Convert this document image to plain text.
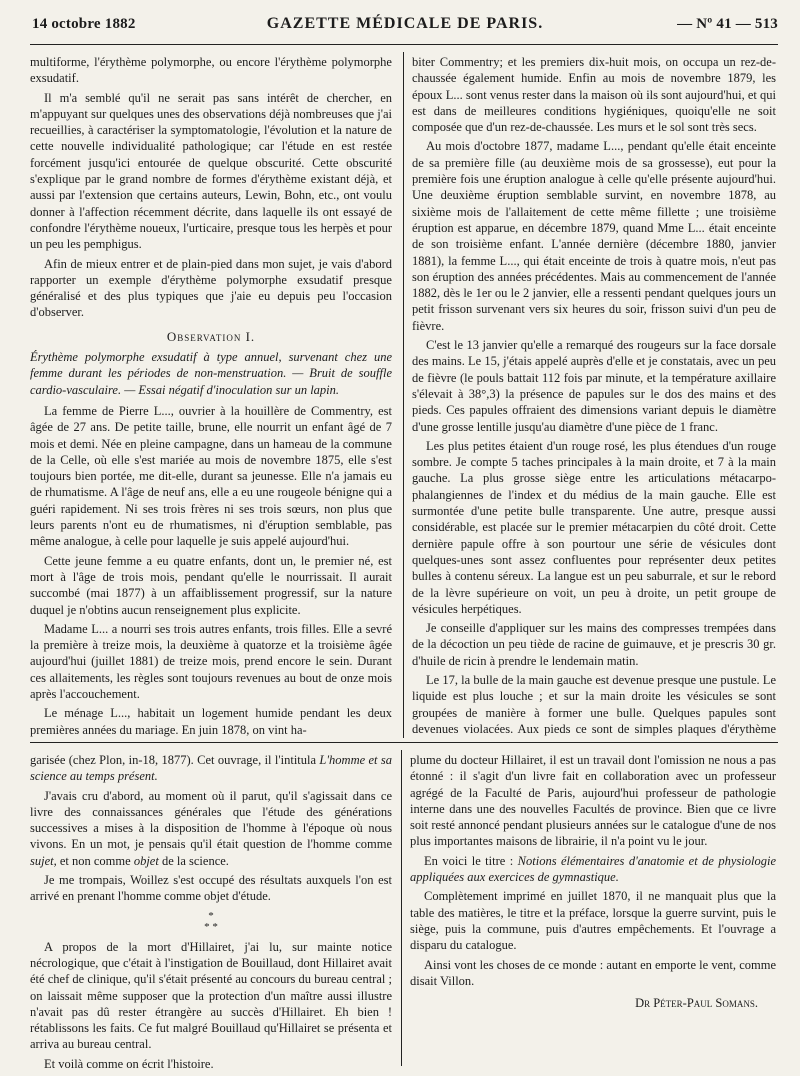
14 octobre 1882	GAZETTE MÉDICALE DE PARIS.	— Nº 41 — 513

multiforme, l'érythème polymorphe, ou encore l'érythème polymorphe exsudatif.

Il m'a semblé qu'il ne serait pas sans intérêt de chercher, en m'appuyant sur quelques unes des observations déjà nombreuses que j'ai recueillies, à caractériser la symptomatologie, l'évolution et la nature de cette nouvelle individualité pathologique; car l'étude en est restée forcément jusqu'ici entourée de quelque obscurité. Cette obscurité s'explique par le grand nombre de formes d'érythème existant déjà, et aussi par l'extension que certains auteurs, Lewin, Bohn, etc., ont voulu donner à l'affection récemment décrite, dans laquelle ils ont essayé de confondre l'érythème noueux, l'urticaire, presque tous les herpès et pour un peu les pemphigus.

Afin de mieux entrer et de plain-pied dans mon sujet, je vais d'abord rapporter un exemple d'érythème polymorphe exsudatif presque généralisé et des plus typiques que j'aie eu depuis peu l'occasion d'observer.

Observation I.
Érythème polymorphe exsudatif à type annuel, survenant chez une femme durant les périodes de non-menstruation. — Bruit de souffle cardio-vasculaire. — Essai négatif d'inoculation sur un lapin.

La femme de Pierre L..., ouvrier à la houillère de Commentry, est âgée de 27 ans. De petite taille, brune, elle nourrit un enfant âgé de 7 mois et demi. Née en pleine campagne, dans un hameau de la commune de la Celle, où elle s'est mariée au mois de novembre 1875, elle s'est toujours bien portée, me dit-elle, durant sa jeunesse. Elle n'a jamais eu de rhumatisme. A l'âge de neuf ans, elle a eu une rougeole bénigne qui a guéri rapidement. Ni ses trois frères ni ses trois sœurs, non plus que leurs parents n'ont eu de rhumatismes, ni d'éruption semblable, pas même analogue, à celle pour laquelle je suis appelé aujourd'hui.

Cette jeune femme a eu quatre enfants, dont un, le premier né, est mort à l'âge de trois mois, pendant qu'elle le nourrissait. Il aurait succombé (mai 1877) à un affaiblissement progressif, sur la nature duquel je n'obtins aucun renseignement plus explicite.

Madame L... a nourri ses trois autres enfants, trois filles. Elle a sevré la première à treize mois, la deuxième à quatorze et la troisième âgée aujourd'hui (juillet 1881) de treize mois, prend encore le sein. Durant ces allaitements, les règles sont toujours revenues au bout de onze mois après l'accouchement.

Le ménage L..., habitait un logement humide pendant les deux premières années du mariage. En juin 1878, on vint ha-

biter Commentry; et les premiers dix-huit mois, on occupa un rez-de-chaussée également humide. Enfin au mois de novembre 1879, les époux L... sont venus rester dans la maison où ils sont aujourd'hui, et qui est dans de meilleures conditions hygiéniques, quoiqu'elle ne soit composée que d'un rez-de-chaussée. Les murs et le sol sont très secs.

Au mois d'octobre 1877, madame L..., pendant qu'elle était enceinte de sa première fille (au deuxième mois de sa grossesse), eut pour la première fois une éruption analogue à celle qu'elle présente aujourd'hui. Une deuxième éruption semblable survint, en novembre 1878, au sixième mois de l'allaitement de cette même fillette ; une troisième éruption est apparue, en décembre 1879, quand Mme L... était enceinte de son troisième enfant. L'année dernière (décembre 1880, janvier 1881), la femme L..., qui était enceinte de trois à quatre mois, n'eut pas son éruption des années précédentes. Mais au commencement de l'année 1882, dès le 1er ou le 2 janvier, elle a ressenti pendant quelques jours un petit frisson survenant vers six heures du soir, frisson suivi d'un peu de fièvre.

C'est le 13 janvier qu'elle a remarqué des rougeurs sur la face dorsale des mains. Le 15, j'étais appelé auprès d'elle et je constatais, avec un peu de fièvre (le pouls battait 112 fois par minute, et la température axillaire s'élevait à 38°,3) la présence de papules sur le dos des mains et des pieds. Ces papules offraient des dimensions variant depuis le diamètre d'une grosse lentille jusqu'au diamètre d'une pièce de 1 franc.

Les plus petites étaient d'un rouge rosé, les plus étendues d'un rouge sombre. Je compte 5 taches principales à la main droite, et 7 à la main gauche. La plus grosse siège entre les articulations métacarpo-phalangiennes de l'index et du médius de la main gauche. Elle est surmontée d'une petite bulle transparente. Une autre, presque aussi considérable, est placée sur le premier métacarpien du côté droit. Cette dernière papule offre à son pourtour une série de vésicules dont quelques-unes sont assez confluentes pour représenter deux petites bulles à contenu séreux. La langue est un peu saburrale, et sur le rebord de la lèvre supérieure on voit, un peu à droite, un petit groupe de vésicules herpétiques.

Je conseille d'appliquer sur les mains des compresses trempées dans de la décoction un peu tiède de racine de guimauve, et je prescris 30 gr. d'huile de ricin à prendre le lendemain matin.

Le 17, la bulle de la main gauche est devenue presque une pustule. Le liquide est plus louche ; et sur la main droite les vésicules se sont groupées de manière à former une bulle. Quelques papules sont devenues violacées. Aux pieds ce sont de simples plaques d'érythème

garisée (chez Plon, in-18, 1877). Cet ouvrage, il l'intitula L'homme et sa science au temps présent.

J'avais cru d'abord, au moment où il parut, qu'il s'agissait dans ce livre des connaissances générales que l'étude des générations successives a mises à la disposition de l'homme à l'époque où nous vivons. En un mot, je pensais qu'il était question de l'homme comme sujet, et non comme objet de la science.

Je me trompais, Woillez s'est occupé des résultats auxquels l'on est arrivé en prenant l'homme comme objet d'étude.

*
* *

A propos de la mort d'Hillairet, j'ai lu, sur mainte notice nécrologique, que c'était à l'instigation de Bouillaud, dont Hillairet avait été chef de clinique, qu'il s'était présenté au concours du bureau central ; on laissait même supposer que la protection d'un maître aussi illustre n'avait pas dû rester étrangère au succès d'Hillairet. Eh bien ! rétablissons les faits. Ce fut malgré Bouillaud qu'Hillairet se présenta et arriva au bureau central.

Et voilà comme on écrit l'histoire.

plume du docteur Hillairet, il est un travail dont l'omission ne nous a pas étonné : il s'agit d'un livre fait en collaboration avec un professeur agrégé de la Faculté de Paris, aujourd'hui professeur de pathologie interne dans une des nouvelles Facultés de province. Bien que ce livre soit resté annoncé pendant plusieurs années sur le catalogue d'une de nos plus importantes maisons de librairie, il n'a point vu le jour.

En voici le titre : Notions élémentaires d'anatomie et de physiologie appliquées aux exercices de gymnastique.

Complètement imprimé en juillet 1870, il ne manquait plus que la table des matières, le titre et la préface, lorsque la guerre survint, puis le siège, puis la commune, puis d'autres empêchements. Et l'ouvrage a disparu du catalogue.

Ainsi vont les choses de ce monde : autant en emporte le vent, comme disait Villon.

Dr Péter-Paul Somans.
